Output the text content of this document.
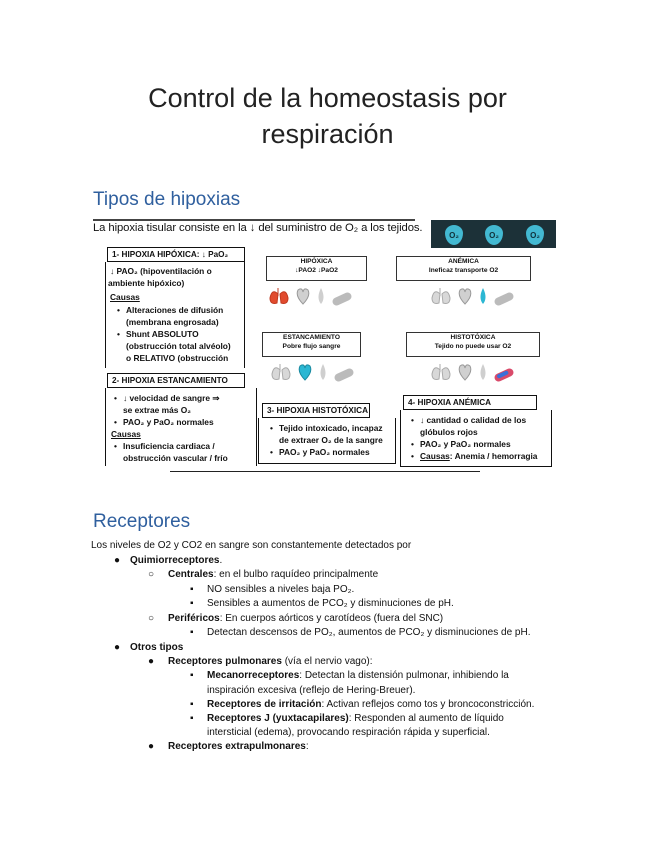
Control de la homeostasis por
respiración
Tipos de hipoxias
La hipoxia tisular consiste en la ↓ del suministro de O₂ a los tejidos.
O₂	O₂	O₂
1- HIPOXIA HIPÓXICA: ↓ PaO₂
↓ PAO₂ (hipoventilación o
ambiente hipóxico)
Causas
• Alteraciones de difusión
(membrana engrosada)
• Shunt ABSOLUTO
(obstrucción total alvéolo)
o RELATIVO (obstrucción
2- HIPOXIA ESTANCAMIENTO
• ↓ velocidad de sangre ⇒
se extrae más O₂
• PAO₂ y PaO₂ normales
Causas
• Insuficiencia cardiaca /
obstrucción vascular / frío
HIPÓXICA
↓PAO2 ↓PaO2
ANÉMICA
Ineficaz transporte O2
ESTANCAMIENTO
Pobre flujo sangre
HISTOTÓXICA
Tejido no puede usar O2
3- HIPOXIA HISTOTÓXICA
• Tejido intoxicado, incapaz
de extraer O₂ de la sangre
• PAO₂ y PaO₂ normales
4- HIPOXIA ANÉMICA
• ↓ cantidad o calidad de los
glóbulos rojos
• PAO₂ y PaO₂ normales
• Causas: Anemia / hemorragia
Receptores
Los niveles de O2 y CO2 en sangre son constantemente detectados por
● Quimiorreceptores.
○ Centrales: en el bulbo raquídeo principalmente
▪ NO sensibles a niveles baja PO₂.
▪ Sensibles a aumentos de PCO₂ y disminuciones de pH.
○ Periféricos: En cuerpos aórticos y carotídeos (fuera del SNC)
▪ Detectan descensos de PO₂, aumentos de PCO₂ y disminuciones de pH.
● Otros tipos
● Receptores pulmonares (vía el nervio vago):
▪ Mecanorreceptores: Detectan la distensión pulmonar, inhibiendo la
inspiración excesiva (reflejo de Hering-Breuer).
▪ Receptores de irritación: Activan reflejos como tos y broncoconstricción.
▪ Receptores J (yuxtacapilares): Responden al aumento de líquido
intersticial (edema), provocando respiración rápida y superficial.
● Receptores extrapulmonares:
